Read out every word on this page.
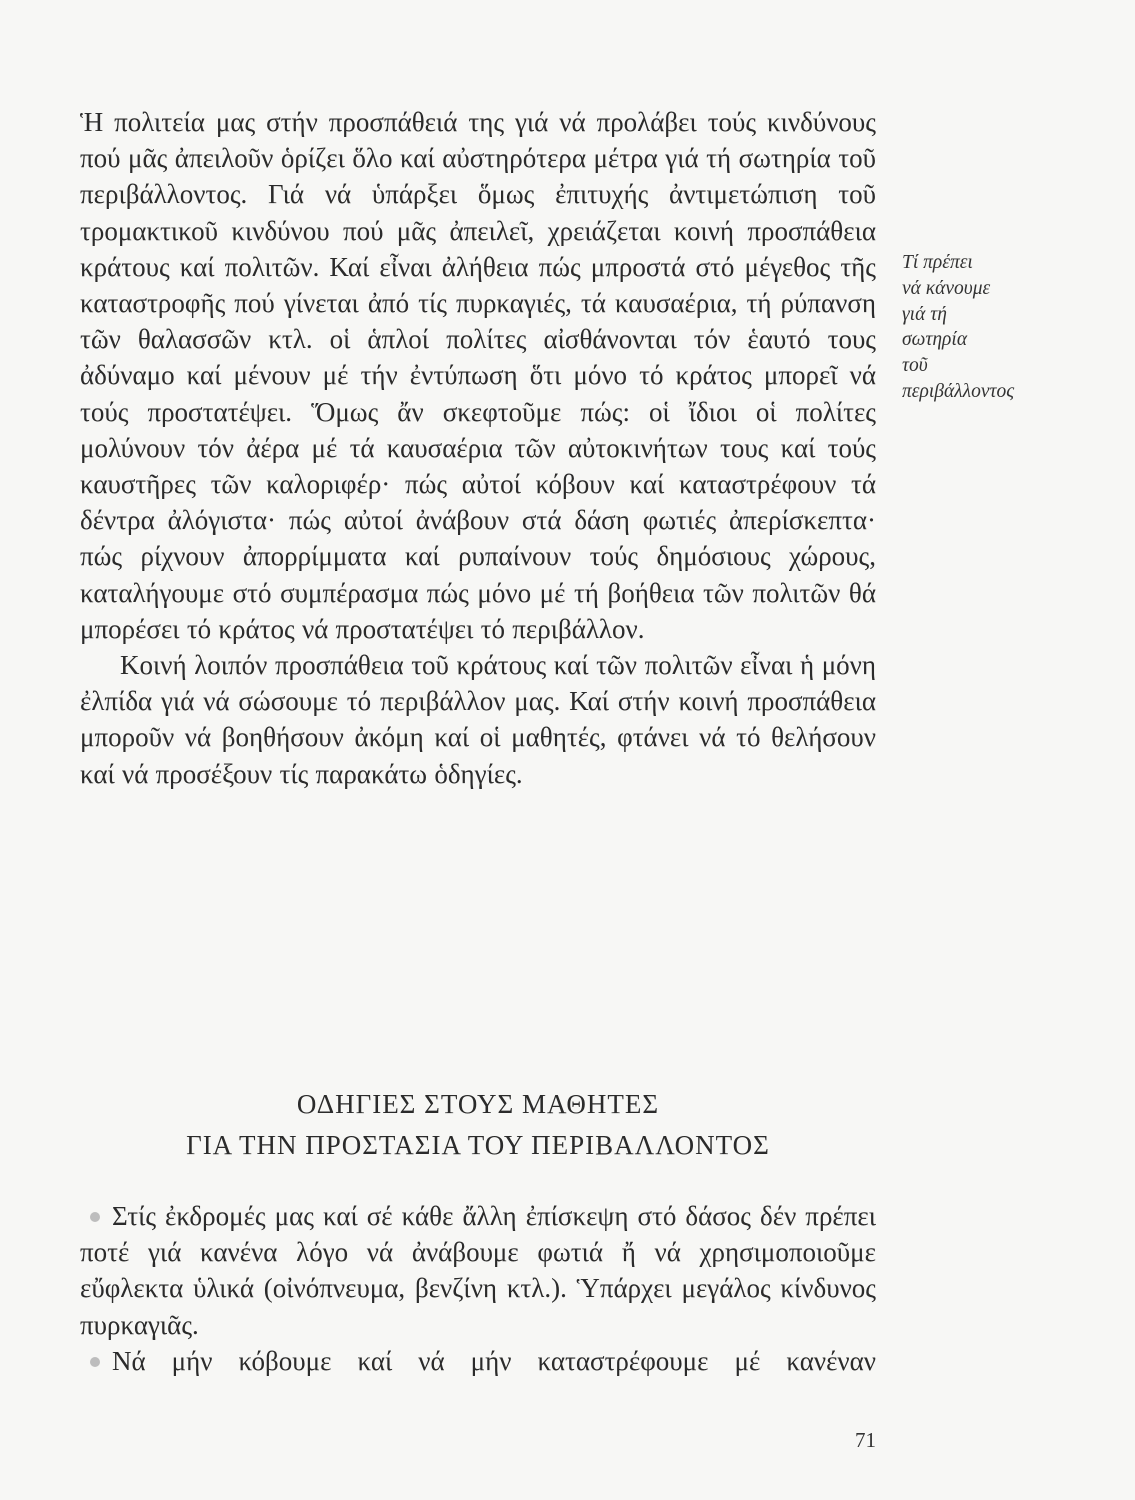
Ἡ πολιτεία μας στήν προσπάθειά της γιά νά προλάβει τούς κινδύνους πού μᾶς ἀπειλοῦν ὁρίζει ὅλο καί αὐστηρότερα μέτρα γιά τή σωτηρία τοῦ περιβάλλοντος. Γιά νά ὑπάρξει ὅμως ἐπιτυχής ἀντιμετώπιση τοῦ τρομακτικοῦ κινδύνου πού μᾶς ἀπειλεῖ, χρειάζεται κοινή προσπάθεια κράτους καί πολιτῶν. Καί εἶναι ἀλήθεια πώς μπροστά στό μέγεθος τῆς καταστροφῆς πού γίνεται ἀπό τίς πυρκαγιές, τά καυσαέρια, τή ρύπανση τῶν θαλασσῶν κτλ. οἱ ἁπλοί πολίτες αἰσθάνονται τόν ἑαυτό τους ἀδύναμο καί μένουν μέ τήν ἐντύπωση ὅτι μόνο τό κράτος μπορεῖ νά τούς προστατέψει. Ὅμως ἄν σκεφτοῦμε πώς: οἱ ἴδιοι οἱ πολίτες μολύνουν τόν ἀέρα μέ τά καυσαέρια τῶν αὐτοκινήτων τους καί τούς καυστῆρες τῶν καλοριφέρ· πώς αὐτοί κόβουν καί καταστρέφουν τά δέντρα ἀλόγιστα· πώς αὐτοί ἀνάβουν στά δάση φωτιές ἀπερίσκεπτα· πώς ρίχνουν ἀπορρίμματα καί ρυπαίνουν τούς δημόσιους χώρους, καταλήγουμε στό συμπέρασμα πώς μόνο μέ τή βοήθεια τῶν πολιτῶν θά μπορέσει τό κράτος νά προστατέψει τό περιβάλλον.

Κοινή λοιπόν προσπάθεια τοῦ κράτους καί τῶν πολιτῶν εἶναι ἡ μόνη ἐλπίδα γιά νά σώσουμε τό περιβάλλον μας. Καί στήν κοινή προσπάθεια μποροῦν νά βοηθήσουν ἀκόμη καί οἱ μαθητές, φτάνει νά τό θελήσουν καί νά προσέξουν τίς παρακάτω ὁδηγίες.

Τί πρέπει
νά κάνουμε
γιά τή
σωτηρία
τοῦ
περιβάλλοντος
ΟΔΗΓΙΕΣ ΣΤΟΥΣ ΜΑΘΗΤΕΣ
ΓΙΑ ΤΗΝ ΠΡΟΣΤΑΣΙΑ ΤΟΥ ΠΕΡΙΒΑΛΛΟΝΤΟΣ

Στίς ἐκδρομές μας καί σέ κάθε ἄλλη ἐπίσκεψη στό δάσος δέν πρέπει ποτέ γιά κανένα λόγο νά ἀνάβουμε φωτιά ἤ νά χρησιμοποιοῦμε εὔφλεκτα ὑλικά (οἰνόπνευμα, βενζίνη κτλ.). Ὑπάρχει μεγάλος κίνδυνος πυρκαγιᾶς.

Νά μήν κόβουμε καί νά μήν καταστρέφουμε μέ κανέναν

71
